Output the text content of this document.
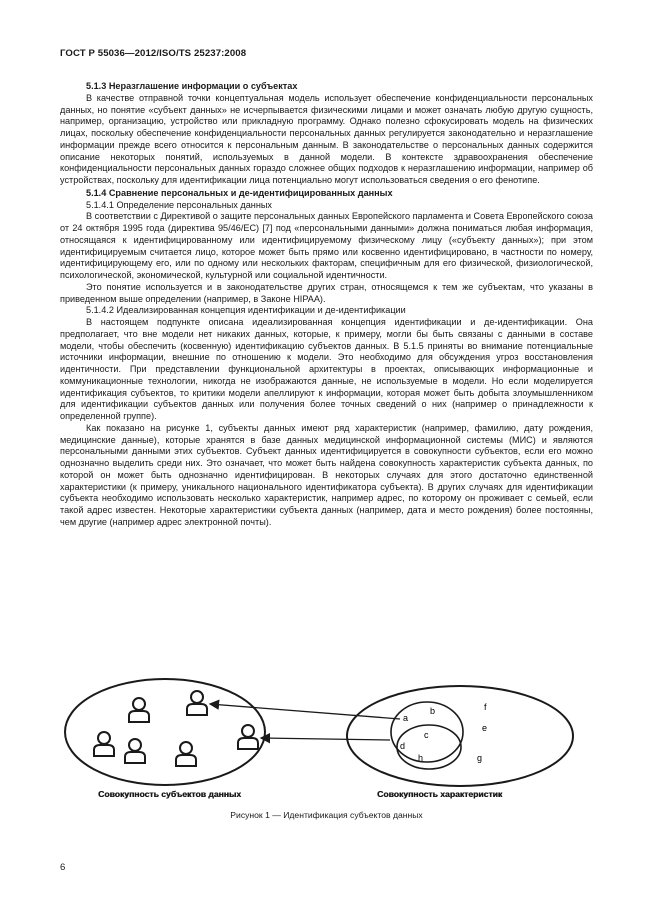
ГОСТ Р 55036—2012/ISO/TS 25237:2008

5.1.3 Неразглашение информации о субъектах

В качестве отправной точки концептуальная модель использует обеспечение конфиденциальности персональных данных, но понятие «субъект данных» не исчерпывается физическими лицами и может означать любую другую сущность, например, организацию, устройство или прикладную программу. Однако полезно сфокусировать модель на физических лицах, поскольку обеспечение конфиденциальности персональных данных регулируется законодательно и неразглашение информации прежде всего относится к персональным данным. В законодательстве о персональных данных содержится описание некоторых понятий, используемых в данной модели. В контексте здравоохранения обеспечение конфиденциальности персональных данных гораздо сложнее общих подходов к неразглашению информации, например об устройствах, поскольку для идентификации лица потенциально могут использоваться сведения о его фенотипе.

5.1.4 Сравнение персональных и де-идентифицированных данных

5.1.4.1 Определение персональных данных

В соответствии с Директивой о защите персональных данных Европейского парламента и Совета Европейского союза от 24 октября 1995 года (директива 95/46/EC) [7] под «персональными данными» должна пониматься любая информация, относящаяся к идентифицированному или идентифицируемому физическому лицу («субъекту данных»); при этом идентифицируемым считается лицо, которое может быть прямо или косвенно идентифицировано, в частности по номеру, идентифицирующему его, или по одному или нескольких факторам, специфичным для его физической, физиологической, психологической, экономической, культурной или социальной идентичности.

Это понятие используется и в законодательстве других стран, относящемся к тем же субъектам, что указаны в приведенном выше определении (например, в Законе HIPAA).

5.1.4.2 Идеализированная концепция идентификации и де-идентификации

В настоящем подпункте описана идеализированная концепция идентификации и де-идентификации. Она предполагает, что вне модели нет никаких данных, которые, к примеру, могли бы быть связаны с данными в составе модели, чтобы обеспечить (косвенную) идентификацию субъектов данных. В 5.1.5 приняты во внимание потенциальные источники информации, внешние по отношению к модели. Это необходимо для обсуждения угроз восстановления идентичности. При представлении функциональной архитектуры в проектах, описывающих информационные и коммуникационные технологии, никогда не изображаются данные, не используемые в модели. Но если моделируется идентификация субъектов, то критики модели апеллируют к информации, которая может быть добыта злоумышленником для идентификации субъектов данных или получения более точных сведений о них (например о принадлежности к определенной группе).

Как показано на рисунке 1, субъекты данных имеют ряд характеристик (например, фамилию, дату рождения, медицинские данные), которые хранятся в базе данных медицинской информационной системы (МИС) и являются персональными данными этих субъектов. Субъект данных идентифицируется в совокупности субъектов, если его можно однозначно выделить среди них. Это означает, что может быть найдена совокупность характеристик субъекта данных, по которой он может быть однозначно идентифицирован. В некоторых случаях для этого достаточно единственной характеристики (к примеру, уникального национального идентификатора субъекта). В других случаях для идентификации субъекта необходимо использовать несколько характеристик, например адрес, по которому он проживает с семьей, если такой адрес известен. Некоторые характеристики субъекта данных (например, дата и место рождения) более постоянны, чем другие (например адрес электронной почты).

a
b
c
d
e
f
g
h
Совокупность субъектов данных	Совокупность характеристик
Рисунок 1 — Идентификация субъектов данных
6
